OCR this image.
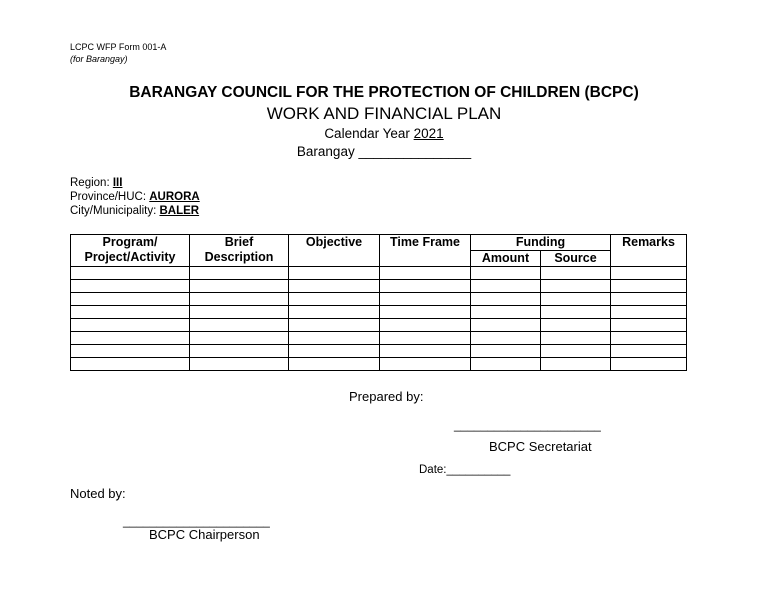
LCPC WFP Form 001-A
(for Barangay)
BARANGAY COUNCIL FOR THE PROTECTION OF CHILDREN (BCPC)
WORK AND FINANCIAL PLAN
Calendar Year 2021
Barangay _______________
Region: III
Province/HUC: AURORA
City/Municipality: BALER
Program/ Project/Activity	Brief Description	Objective	Time Frame	Funding		Remarks
				Amount	Source	

Prepared by:
______________________
BCPC Secretariat
Date:__________
Noted by:
______________________
BCPC Chairperson
